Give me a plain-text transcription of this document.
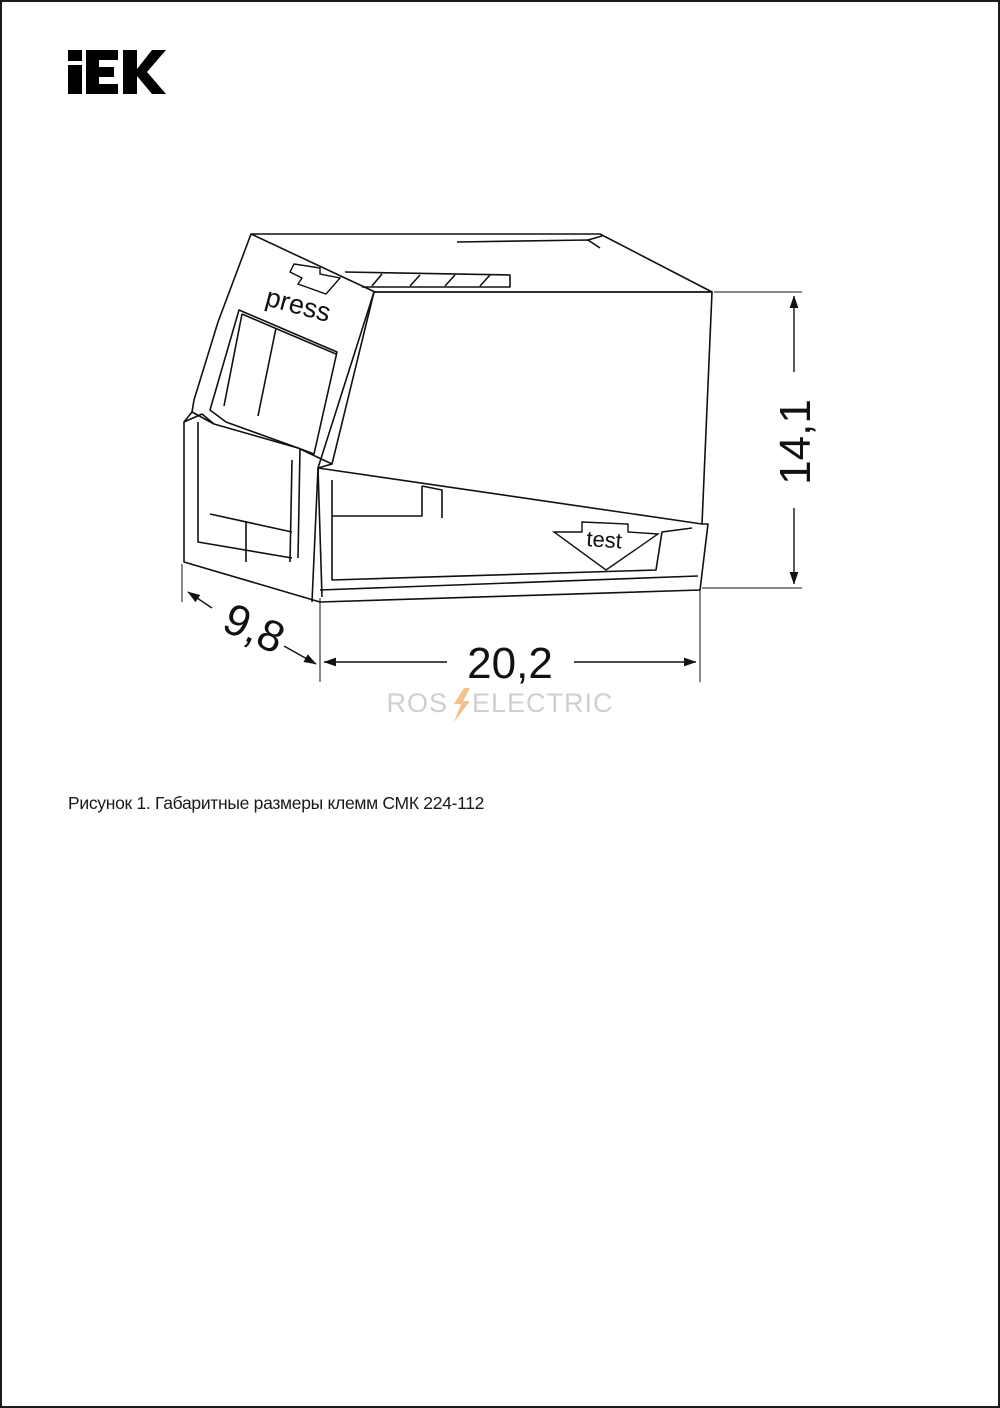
press
test
20,2
14,1
9,8
ROS ELECTRIC
Рисунок 1. Габаритные размеры клемм СМК 224-112
